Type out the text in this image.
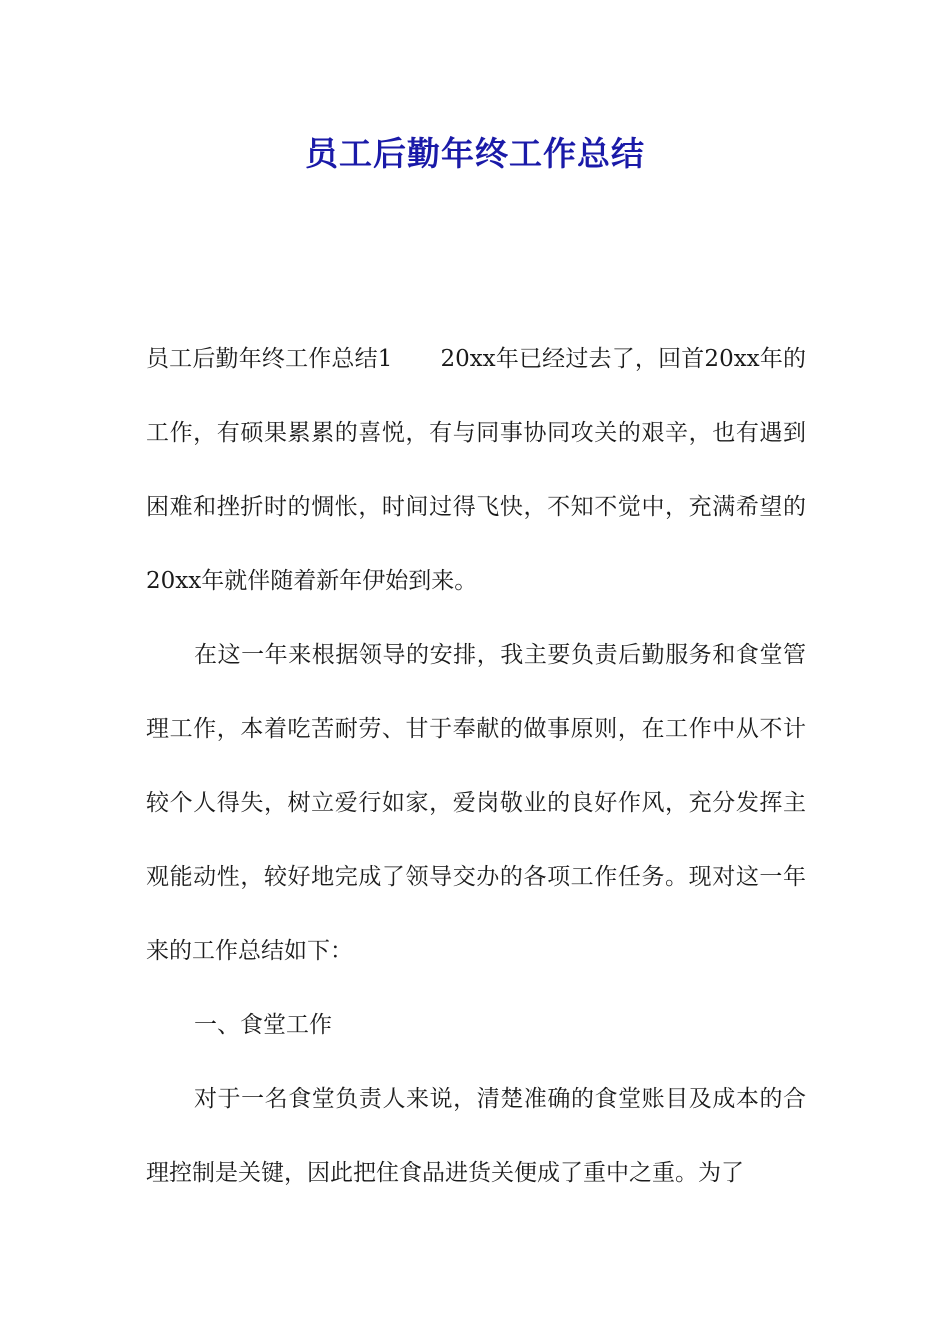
员工后勤年终工作总结

员工后勤年终工作总结1 20xx年已经过去了，回首20xx年的工作，有硕果累累的喜悦，有与同事协同攻关的艰辛，也有遇到困难和挫折时的惆怅，时间过得飞快，不知不觉中，充满希望的20xx年就伴随着新年伊始到来。

在这一年来根据领导的安排，我主要负责后勤服务和食堂管理工作，本着吃苦耐劳、甘于奉献的做事原则，在工作中从不计较个人得失，树立爱行如家，爱岗敬业的良好作风，充分发挥主观能动性，较好地完成了领导交办的各项工作任务。现对这一年来的工作总结如下：

一、食堂工作

对于一名食堂负责人来说，清楚准确的食堂账目及成本的合理控制是关键，因此把住食品进货关便成了重中之重。为了
